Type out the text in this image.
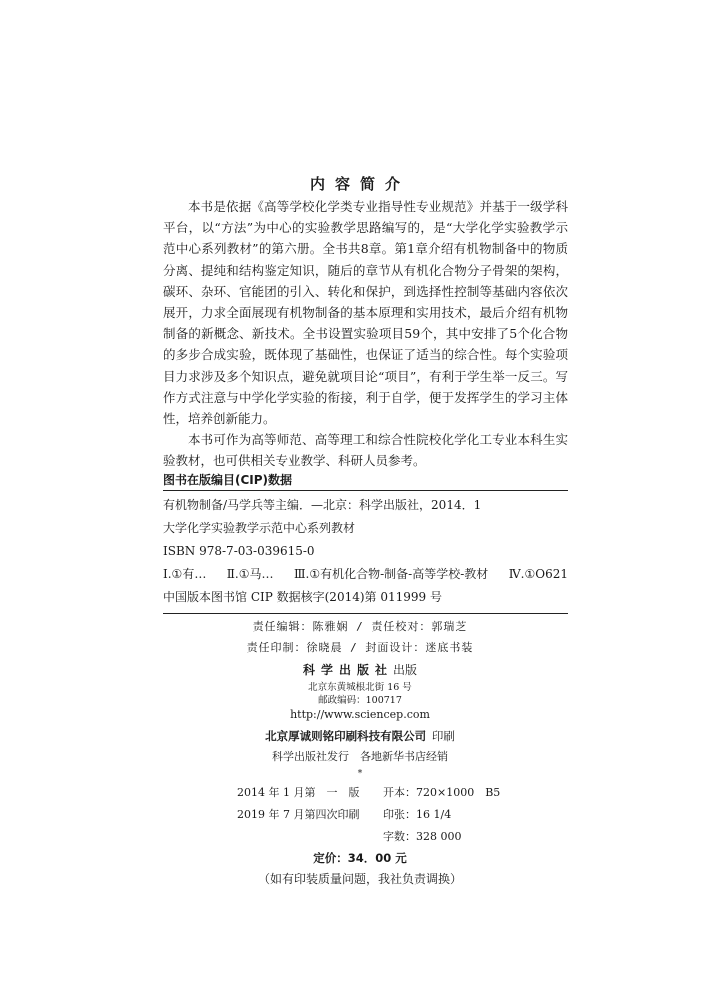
内容简介

本书是依据《高等学校化学类专业指导性专业规范》并基于一级学科平台，以“方法”为中心的实验教学思路编写的，是“大学化学实验教学示范中心系列教材”的第六册。全书共8章。第1章介绍有机物制备中的物质分离、提纯和结构鉴定知识，随后的章节从有机化合物分子骨架的架构，碳环、杂环、官能团的引入、转化和保护，到选择性控制等基础内容依次展开，力求全面展现有机物制备的基本原理和实用技术，最后介绍有机物制备的新概念、新技术。全书设置实验项目59个，其中安排了5个化合物的多步合成实验，既体现了基础性，也保证了适当的综合性。每个实验项目力求涉及多个知识点，避免就项目论“项目”，有利于学生举一反三。写作方式注意与中学化学实验的衔接，利于自学，便于发挥学生的学习主体性，培养创新能力。

本书可作为高等师范、高等理工和综合性院校化学化工专业本科生实验教材，也可供相关专业教学、科研人员参考。

图书在版编目(CIP)数据
有机物制备/马学兵等主编．—北京：科学出版社，2014．1
大学化学实验教学示范中心系列教材
ISBN 978-7-03-039615-0
Ⅰ.①有… Ⅱ.①马… Ⅲ.①有机化合物-制备-高等学校-教材 Ⅳ.①O621
中国版本图书馆 CIP 数据核字(2014)第 011999 号
责任编辑：陈雅娴 / 责任校对：郭瑞芝
责任印制：徐晓晨 / 封面设计：迷底书装
科学出版社出版
北京东黄城根北街 16 号
邮政编码：100717
http://www.sciencep.com
北京厚诚则铭印刷科技有限公司  印刷
科学出版社发行　各地新华书店经销
*
2014 年 1 月第　一　版 开本：720×1000　B5
2019 年 7 月第四次印刷 印张：16 1/4
字数：328 000
定价：34．00 元
（如有印装质量问题，我社负责调换）
